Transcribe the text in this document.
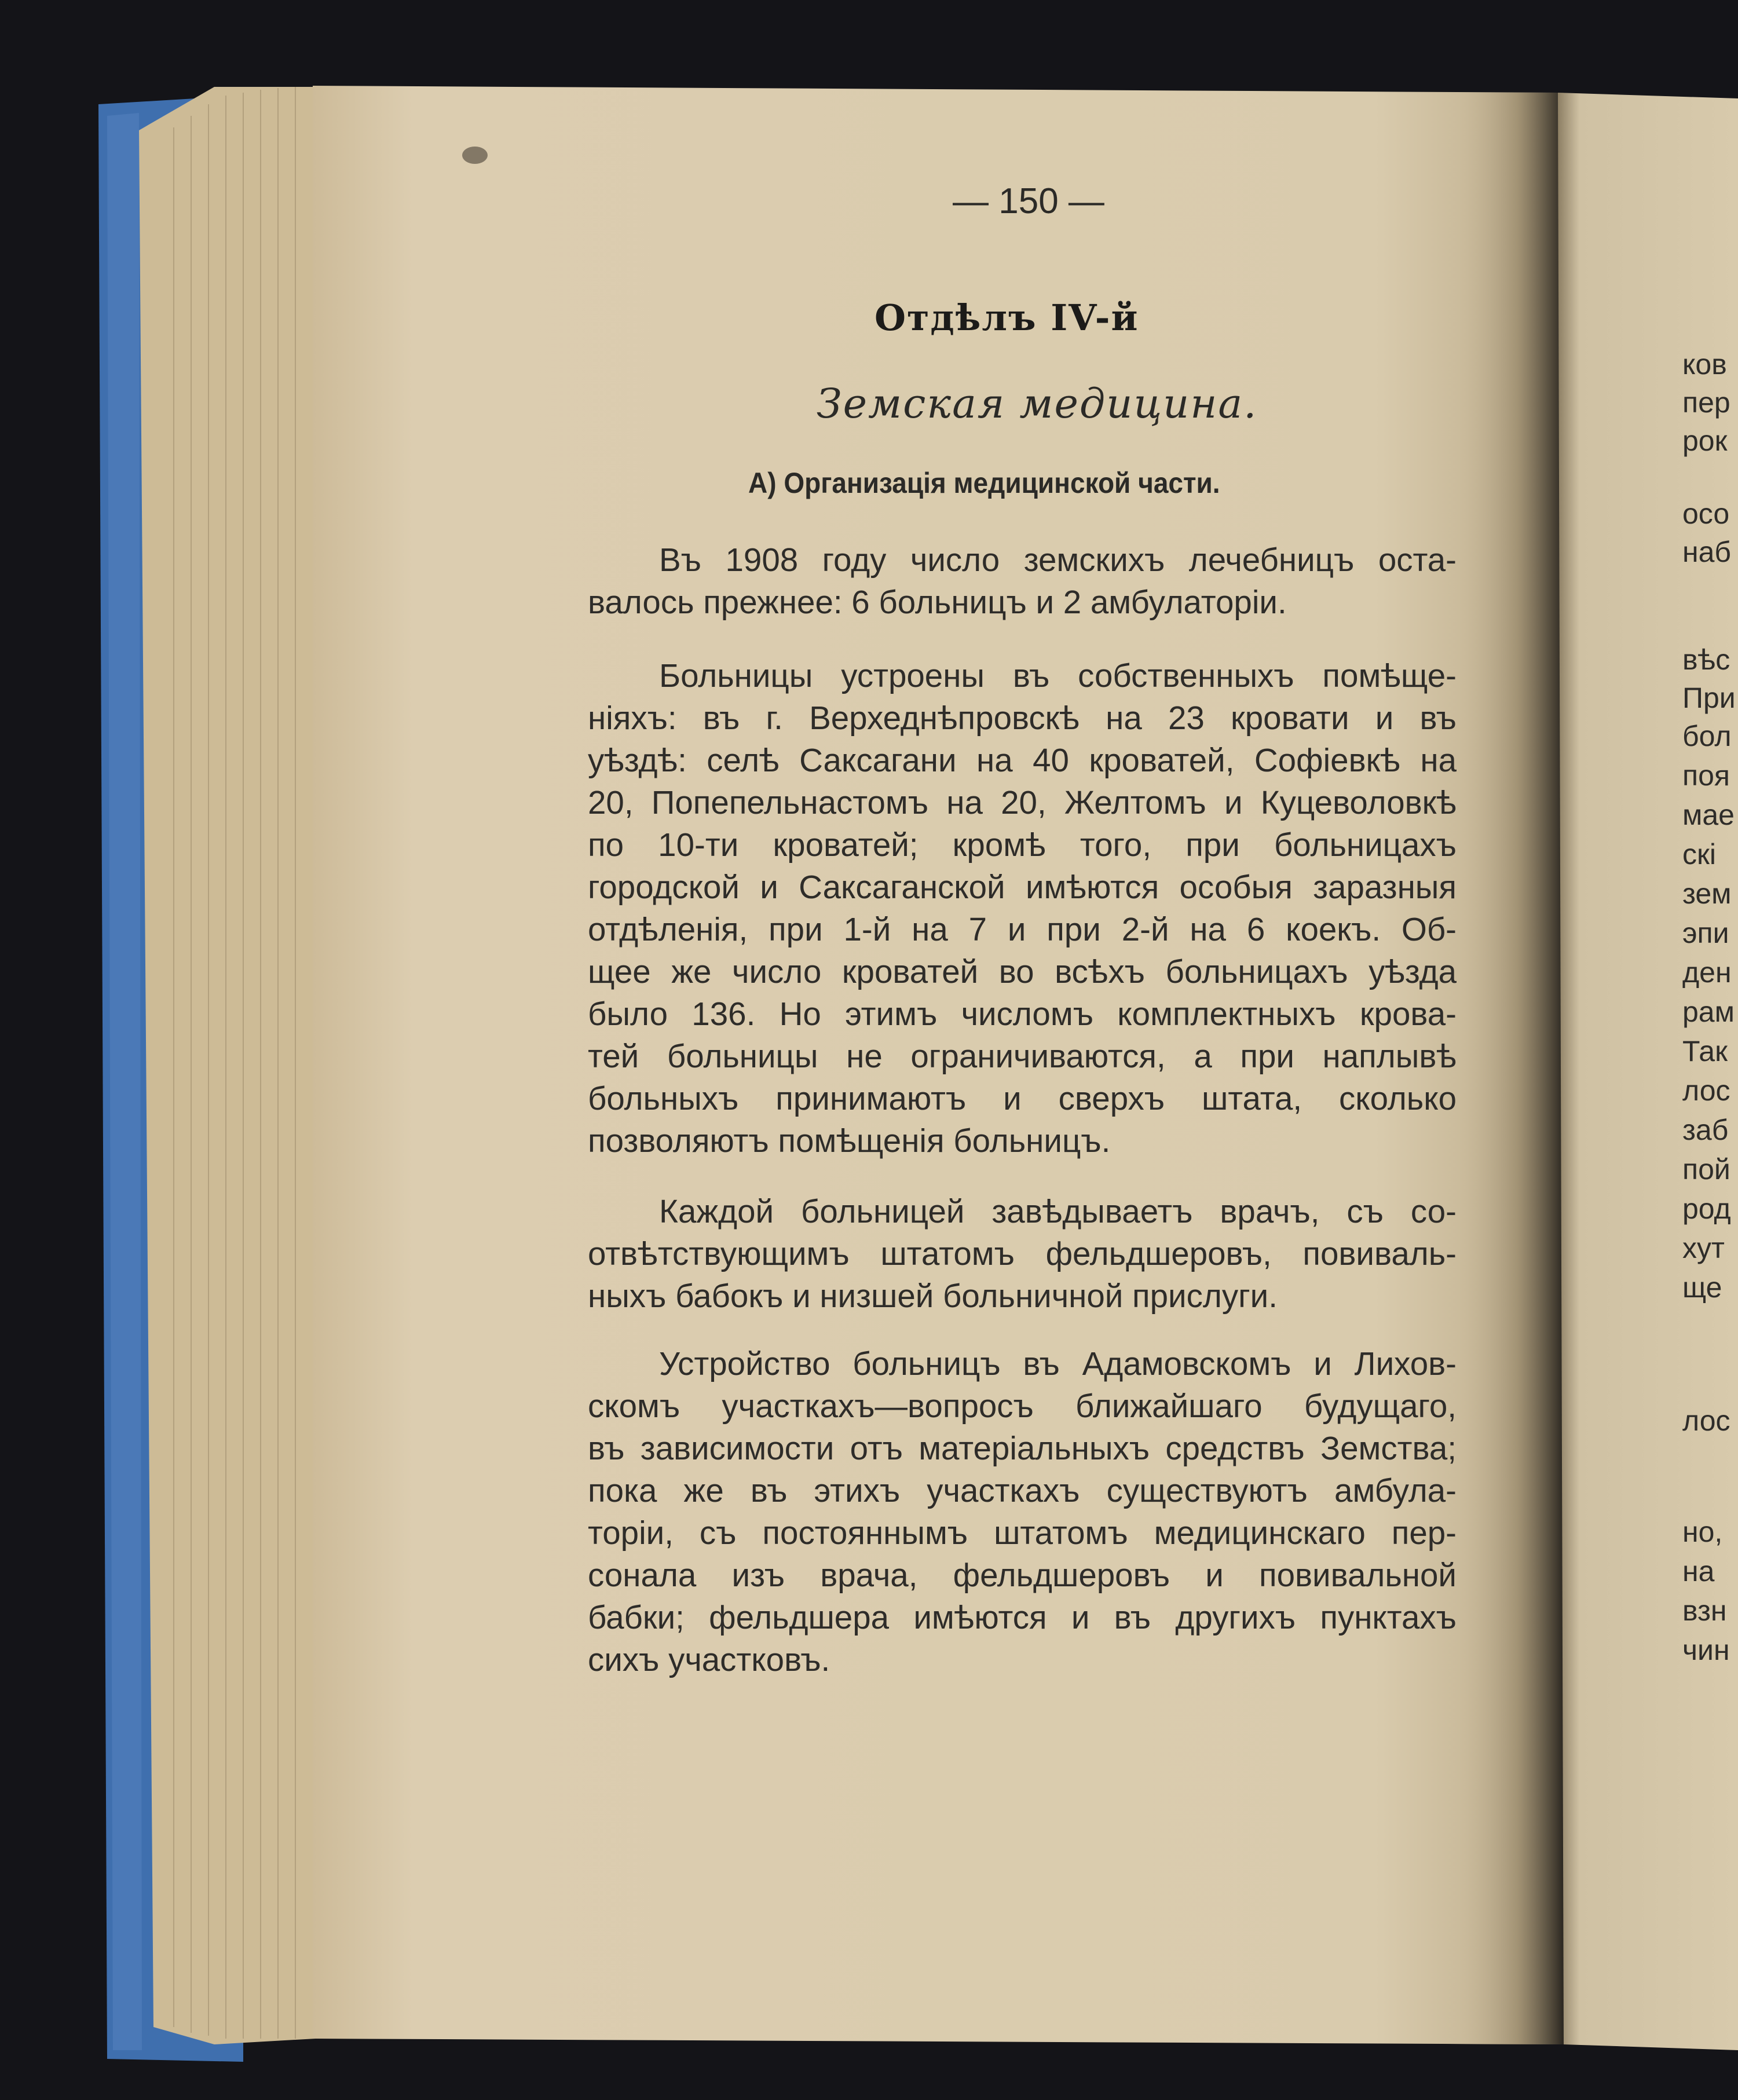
— 150 —
Отдѣлъ IV-й
Земская медицина.
А) Организація медицинской части.
Въ 1908 году число земскихъ лечебницъ оста-
валось прежнее: 6 больницъ и 2 амбулаторіи.
Больницы устроены въ собственныхъ помѣще-
ніяхъ: въ г. Верхеднѣпровскѣ на 23 кровати и въ
уѣздѣ: селѣ Саксагани на 40 кроватей, Софіевкѣ на
20, Попепельнастомъ на 20, Желтомъ и Куцеволовкѣ
по 10-ти кроватей; кромѣ того, при больницахъ
городской и Саксаганской имѣются особыя заразныя
отдѣленія, при 1-й на 7 и при 2-й на 6 коекъ. Об-
щее же число кроватей во всѣхъ больницахъ уѣзда
было 136. Но этимъ числомъ комплектныхъ крова-
тей больницы не ограничиваются, а при наплывѣ
больныхъ принимаютъ и сверхъ штата, сколько
позволяютъ помѣщенія больницъ.
Каждой больницей завѣдываетъ врачъ, съ со-
отвѣтствующимъ штатомъ фельдшеровъ, повиваль-
ныхъ бабокъ и низшей больничной прислуги.
Устройство больницъ въ Адамовскомъ и Лихов-
скомъ участкахъ—вопросъ ближайшаго будущаго,
въ зависимости отъ матеріальныхъ средствъ Земства;
пока же въ этихъ участкахъ существуютъ амбула-
торіи, съ постояннымъ штатомъ медицинскаго пер-
сонала изъ врача, фельдшеровъ и повивальной
бабки; фельдшера имѣются и въ другихъ пунктахъ
сихъ участковъ.
ков
пер
рок
осо
наб
вѣс
При
бол
поя
мае
скі
зем
эпи
ден
рам
Так
лос
заб
пой
род
хут
ще
лос
но,
на
взн
чин
